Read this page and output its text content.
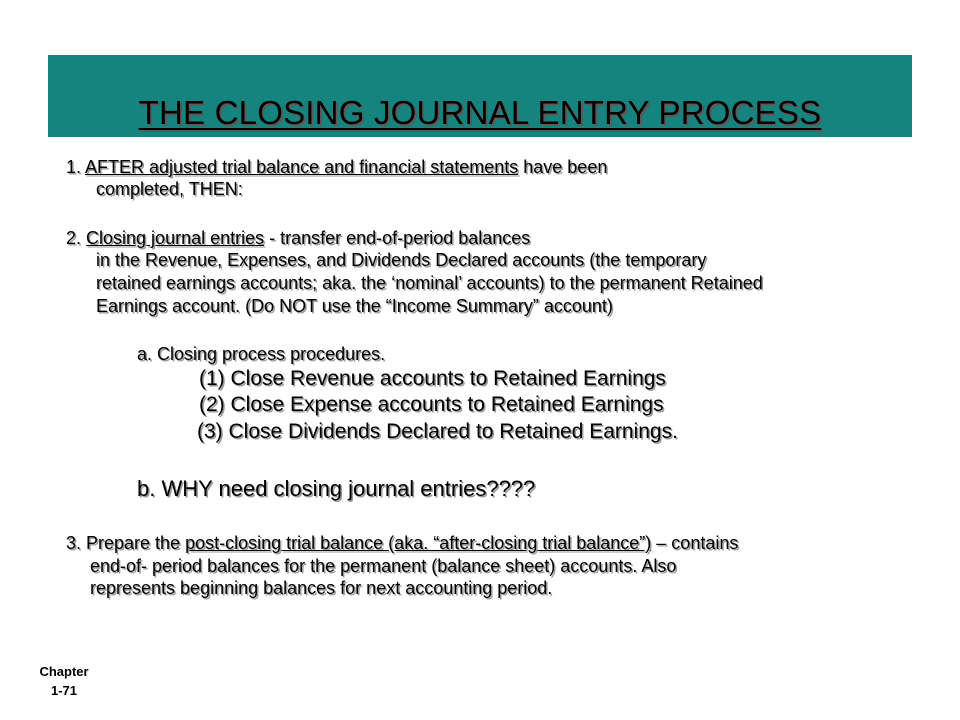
THE CLOSING JOURNAL ENTRY PROCESS
1. AFTER adjusted trial balance and financial statements have been
completed, THEN:
2. Closing journal entries - transfer end-of-period balances
in the Revenue, Expenses, and Dividends Declared accounts (the temporary
retained earnings accounts; aka. the ‘nominal’ accounts) to the permanent Retained
Earnings account. (Do NOT use the “Income Summary” account)
a. Closing process procedures.
(1) Close Revenue accounts to Retained Earnings
(2) Close Expense accounts to Retained Earnings
(3) Close Dividends Declared to Retained Earnings.
b. WHY need closing journal entries????
3. Prepare the post-closing trial balance (aka. “after-closing trial balance”) – contains
end-of- period balances for the permanent (balance sheet) accounts. Also
represents beginning balances for next accounting period.
Chapter
1-71
